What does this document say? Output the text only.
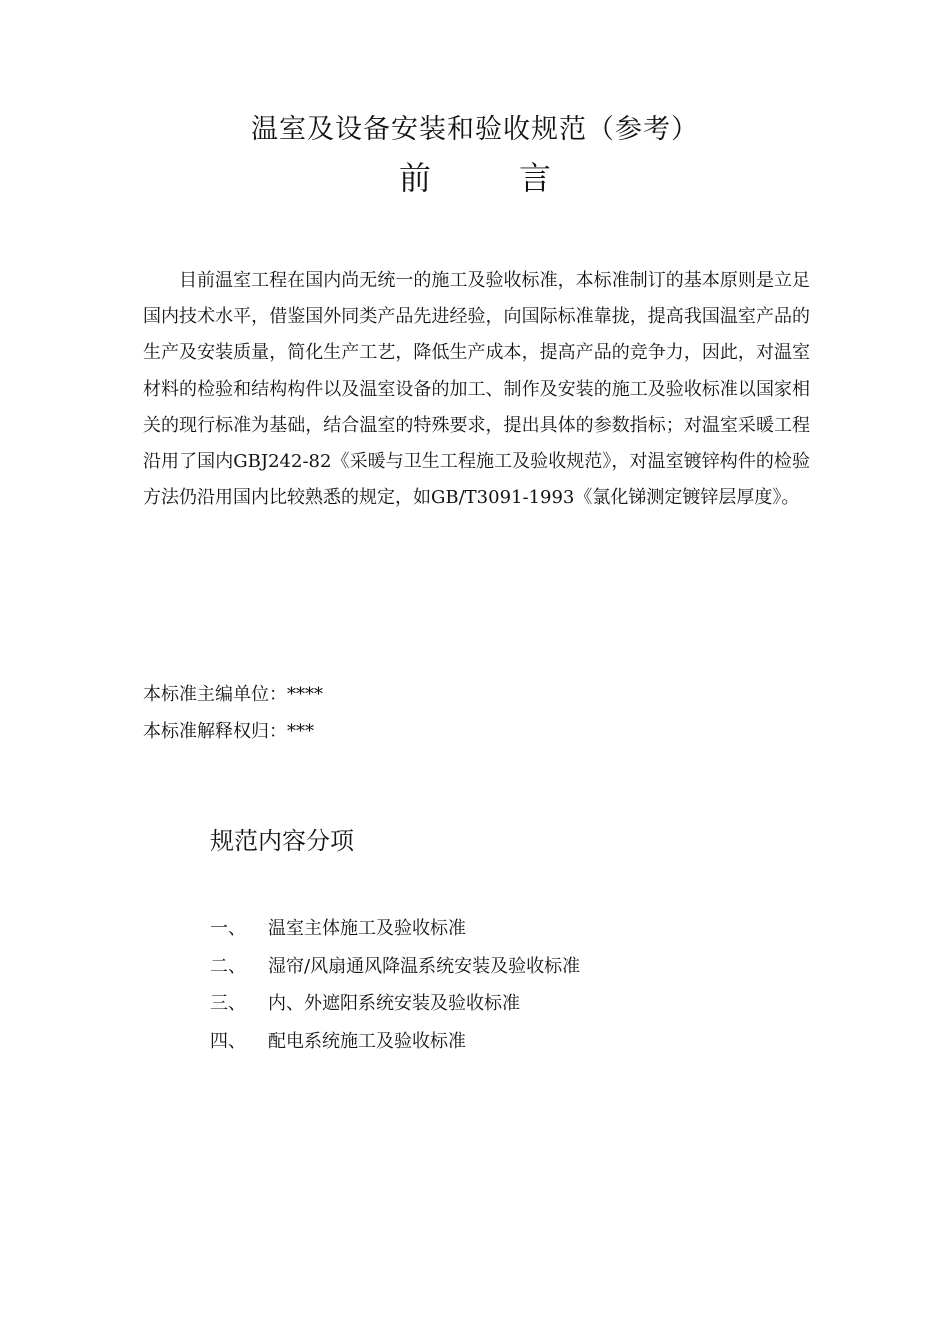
温室及设备安装和验收规范（参考）
前言

目前温室工程在国内尚无统一的施工及验收标准，本标准制订的基本原则是立足国内技术水平，借鉴国外同类产品先进经验，向国际标准靠拢，提高我国温室产品的生产及安装质量，简化生产工艺，降低生产成本，提高产品的竞争力，因此，对温室材料的检验和结构构件以及温室设备的加工、制作及安装的施工及验收标准以国家相关的现行标准为基础，结合温室的特殊要求，提出具体的参数指标；对温室采暖工程沿用了国内GBJ242-82《采暖与卫生工程施工及验收规范》，对温室镀锌构件的检验方法仍沿用国内比较熟悉的规定，如GB/T3091-1993《氯化锑测定镀锌层厚度》。

本标准主编单位：****
本标准解释权归：***
规范内容分项
一、	温室主体施工及验收标准
二、	湿帘/风扇通风降温系统安装及验收标准
三、	内、外遮阳系统安装及验收标准
四、	配电系统施工及验收标准
